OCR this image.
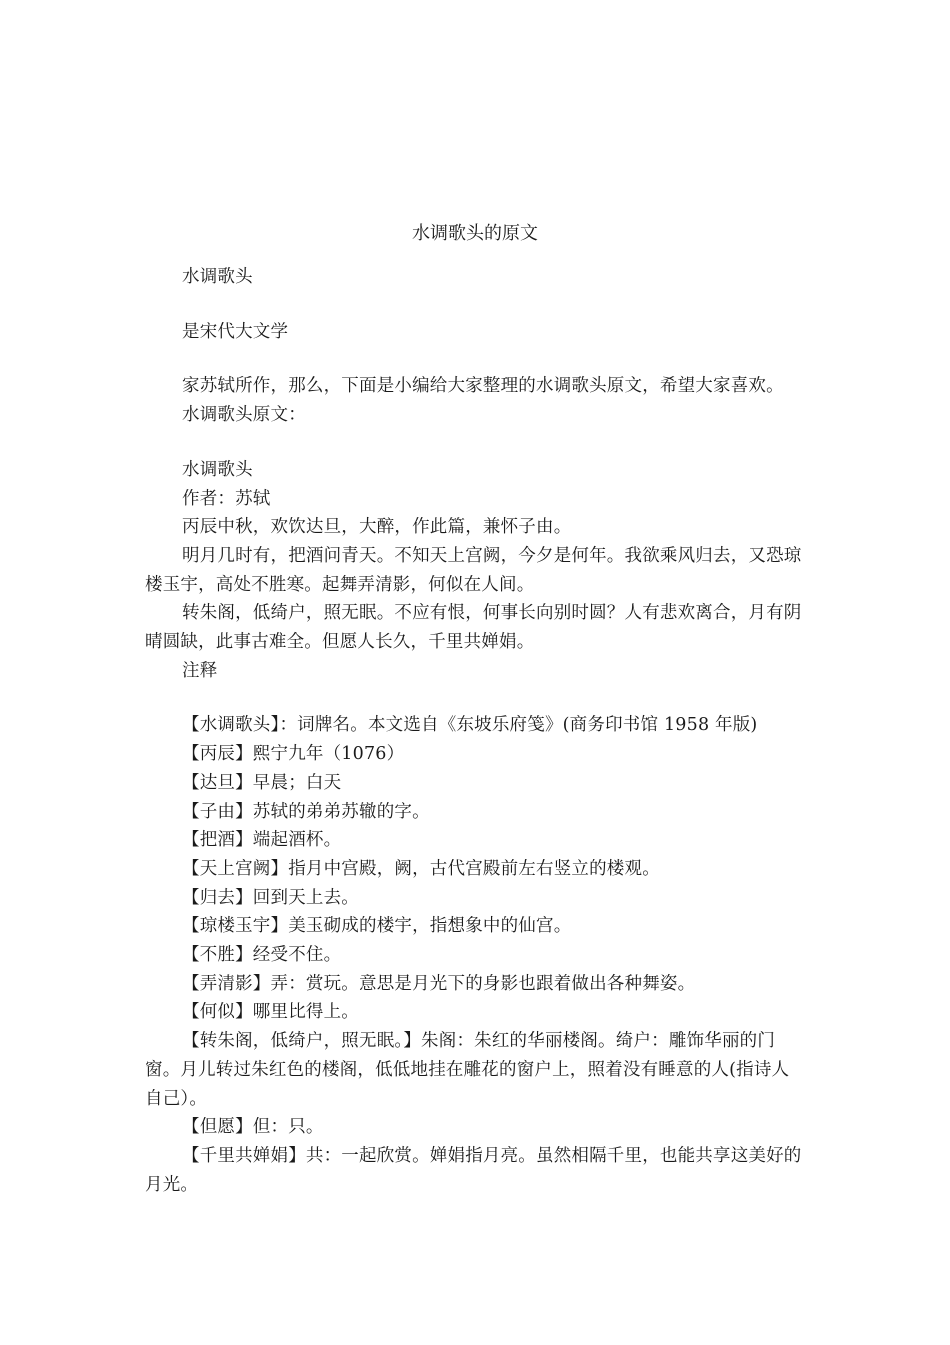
水调歌头的原文

水调歌头

是宋代大文学

家苏轼所作，那么，下面是小编给大家整理的水调歌头原文，希望大家喜欢。

水调歌头原文：

水调歌头

作者：苏轼

丙辰中秋，欢饮达旦，大醉，作此篇，兼怀子由。

明月几时有，把酒问青天。不知天上宫阙，今夕是何年。我欲乘风归去，又恐琼楼玉宇，高处不胜寒。起舞弄清影，何似在人间。

转朱阁，低绮户，照无眠。不应有恨，何事长向别时圆？人有悲欢离合，月有阴晴圆缺，此事古难全。但愿人长久，千里共婵娟。

注释

【水调歌头】：词牌名。本文选自《东坡乐府笺》(商务印书馆 1958 年版)

【丙辰】熙宁九年（1076）

【达旦】早晨；白天

【子由】苏轼的弟弟苏辙的字。

【把酒】端起酒杯。

【天上宫阙】指月中宫殿，阙，古代宫殿前左右竖立的楼观。

【归去】回到天上去。

【琼楼玉宇】美玉砌成的楼宇，指想象中的仙宫。

【不胜】经受不住。

【弄清影】弄：赏玩。意思是月光下的身影也跟着做出各种舞姿。

【何似】哪里比得上。

【转朱阁，低绮户，照无眠。】朱阁：朱红的华丽楼阁。绮户：雕饰华丽的门窗。月儿转过朱红色的楼阁，低低地挂在雕花的窗户上，照着没有睡意的人(指诗人自己）。

【但愿】但：只。

【千里共婵娟】共：一起欣赏。婵娟指月亮。虽然相隔千里，也能共享这美好的月光。
